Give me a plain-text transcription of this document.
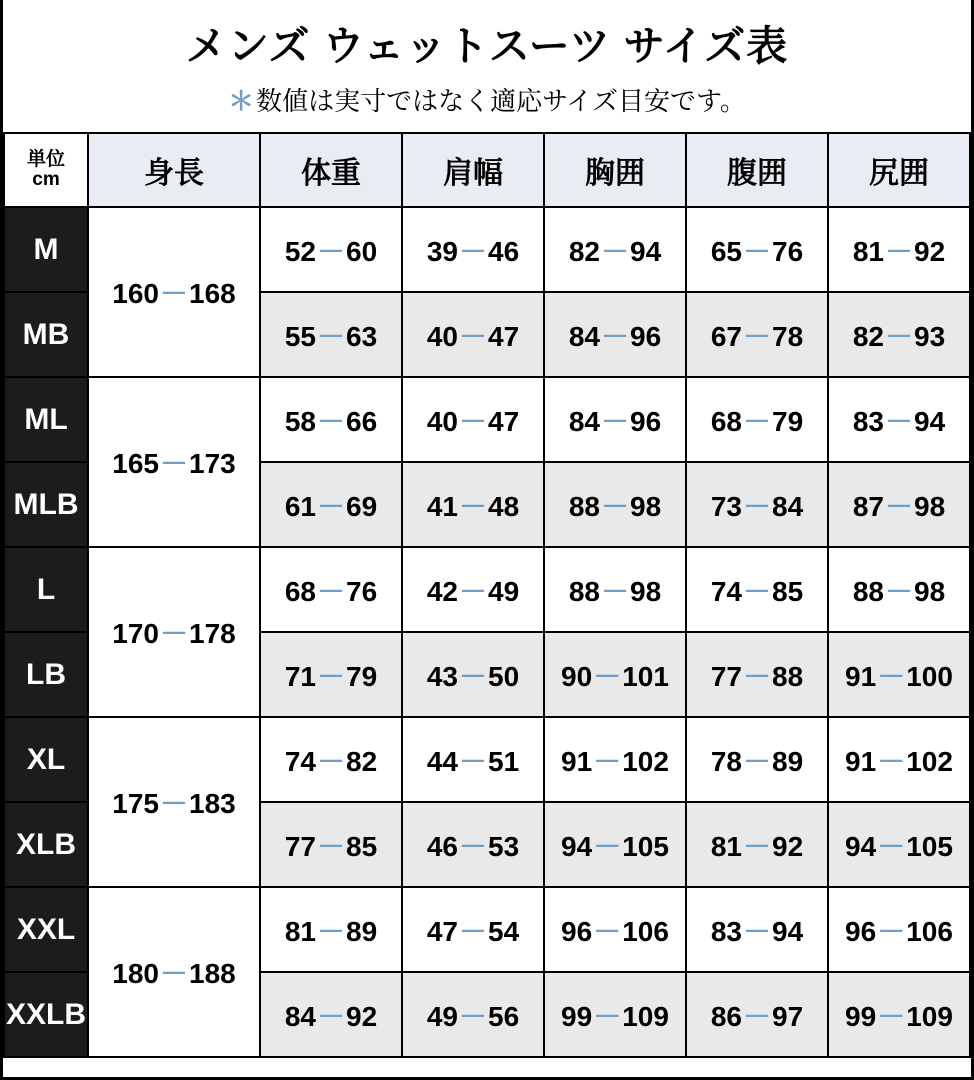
メンズ ウェットスーツ サイズ表
＊数値は実寸ではなく適応サイズ目安です。
単位
cm	身長	体重	肩幅	胸囲	腹囲	尻囲
M	160－168	52－60	39－46	82－94	65－76	81－92
MB		55－63	40－47	84－96	67－78	82－93
ML	165－173	58－66	40－47	84－96	68－79	83－94
MLB		61－69	41－48	88－98	73－84	87－98
L	170－178	68－76	42－49	88－98	74－85	88－98
LB		71－79	43－50	90－101	77－88	91－100
XL	175－183	74－82	44－51	91－102	78－89	91－102
XLB		77－85	46－53	94－105	81－92	94－105
XXL	180－188	81－89	47－54	96－106	83－94	96－106
XXLB		84－92	49－56	99－109	86－97	99－109
